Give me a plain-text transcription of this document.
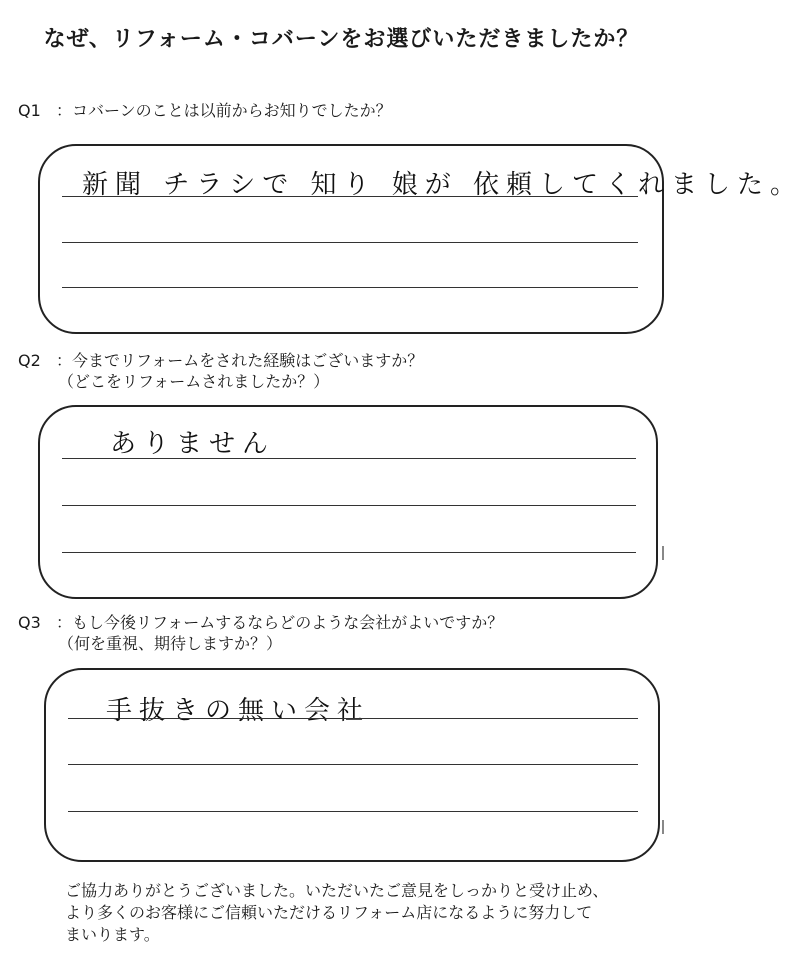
なぜ、リフォーム・コバーンをお選びいただきましたか？
Q1 ：コバーンのことは以前からお知りでしたか？
新聞 チラシで 知り 娘が 依頼してくれました。
Q2 ：今までリフォームをされた経験はございますか？
（どこをリフォームされましたか？）
ありません
Q3 ：もし今後リフォームするならどのような会社がよいですか？
（何を重視、期待しますか？）
手抜きの無い会社
ご協力ありがとうございました。いただいたご意見をしっかりと受け止め、
より多くのお客様にご信頼いただけるリフォーム店になるように努力して
まいります。
